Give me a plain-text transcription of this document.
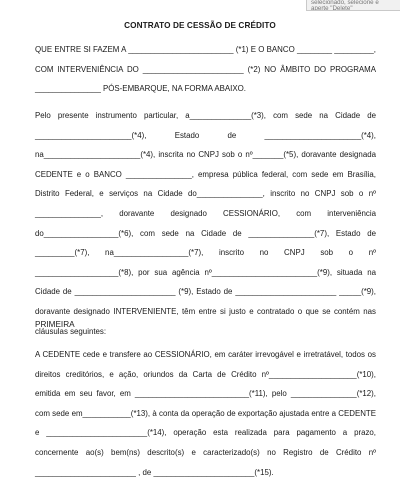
selecionado, selecione e aperte "Delete"
CONTRATO DE CESSÃO DE CRÉDITO
QUE ENTRE SI FAZEM A ________________________ (*1) E O BANCO ________ _________, COM INTERVENIÊNCIA DO _______________________ (*2) NO ÂMBITO DO PROGRAMA _______________ PÓS-EMBARQUE, NA FORMA ABAIXO.
Pelo presente instrumento particular, a______________(*3), com sede na Cidade de ______________________(*4), Estado de ______________________(*4), na______________________(*4), inscrita no CNPJ sob o nº_______(*5), doravante designada CEDENTE e o BANCO _______________, empresa pública federal, com sede em Brasília, Distrito Federal, e serviços na Cidade do_______________, inscrito no CNPJ sob o nº _______________, doravante designado CESSIONÁRIO, com interveniência do_________________(*6), com sede na Cidade de _______________(*7), Estado de _________(*7), na_________________(*7), inscrito no CNPJ sob o nº ___________________(*8), por sua agência nº________________________(*9), situada na Cidade de _______________________ (*9), Estado de _______________________ _____(*9), doravante designado INTERVENIENTE, têm entre si justo e contratado o que se contém nas cláusulas seguintes:
PRIMEIRA
A CEDENTE cede e transfere ao CESSIONÁRIO, em caráter irrevogável e irretratável, todos os direitos creditórios, e ação, oriundos da Carta de Crédito nº____________________(*10), emitida em seu favor, em __________________________(*11), pelo _______________(*12), com sede em___________(*13), à conta da operação de exportação ajustada entre a CEDENTE e _______________________(*14), operação esta realizada para pagamento a prazo, concernente ao(s) bem(ns) descrito(s) e caracterizado(s) no Registro de Crédito nº _______________________ , de _______________________(*15).
